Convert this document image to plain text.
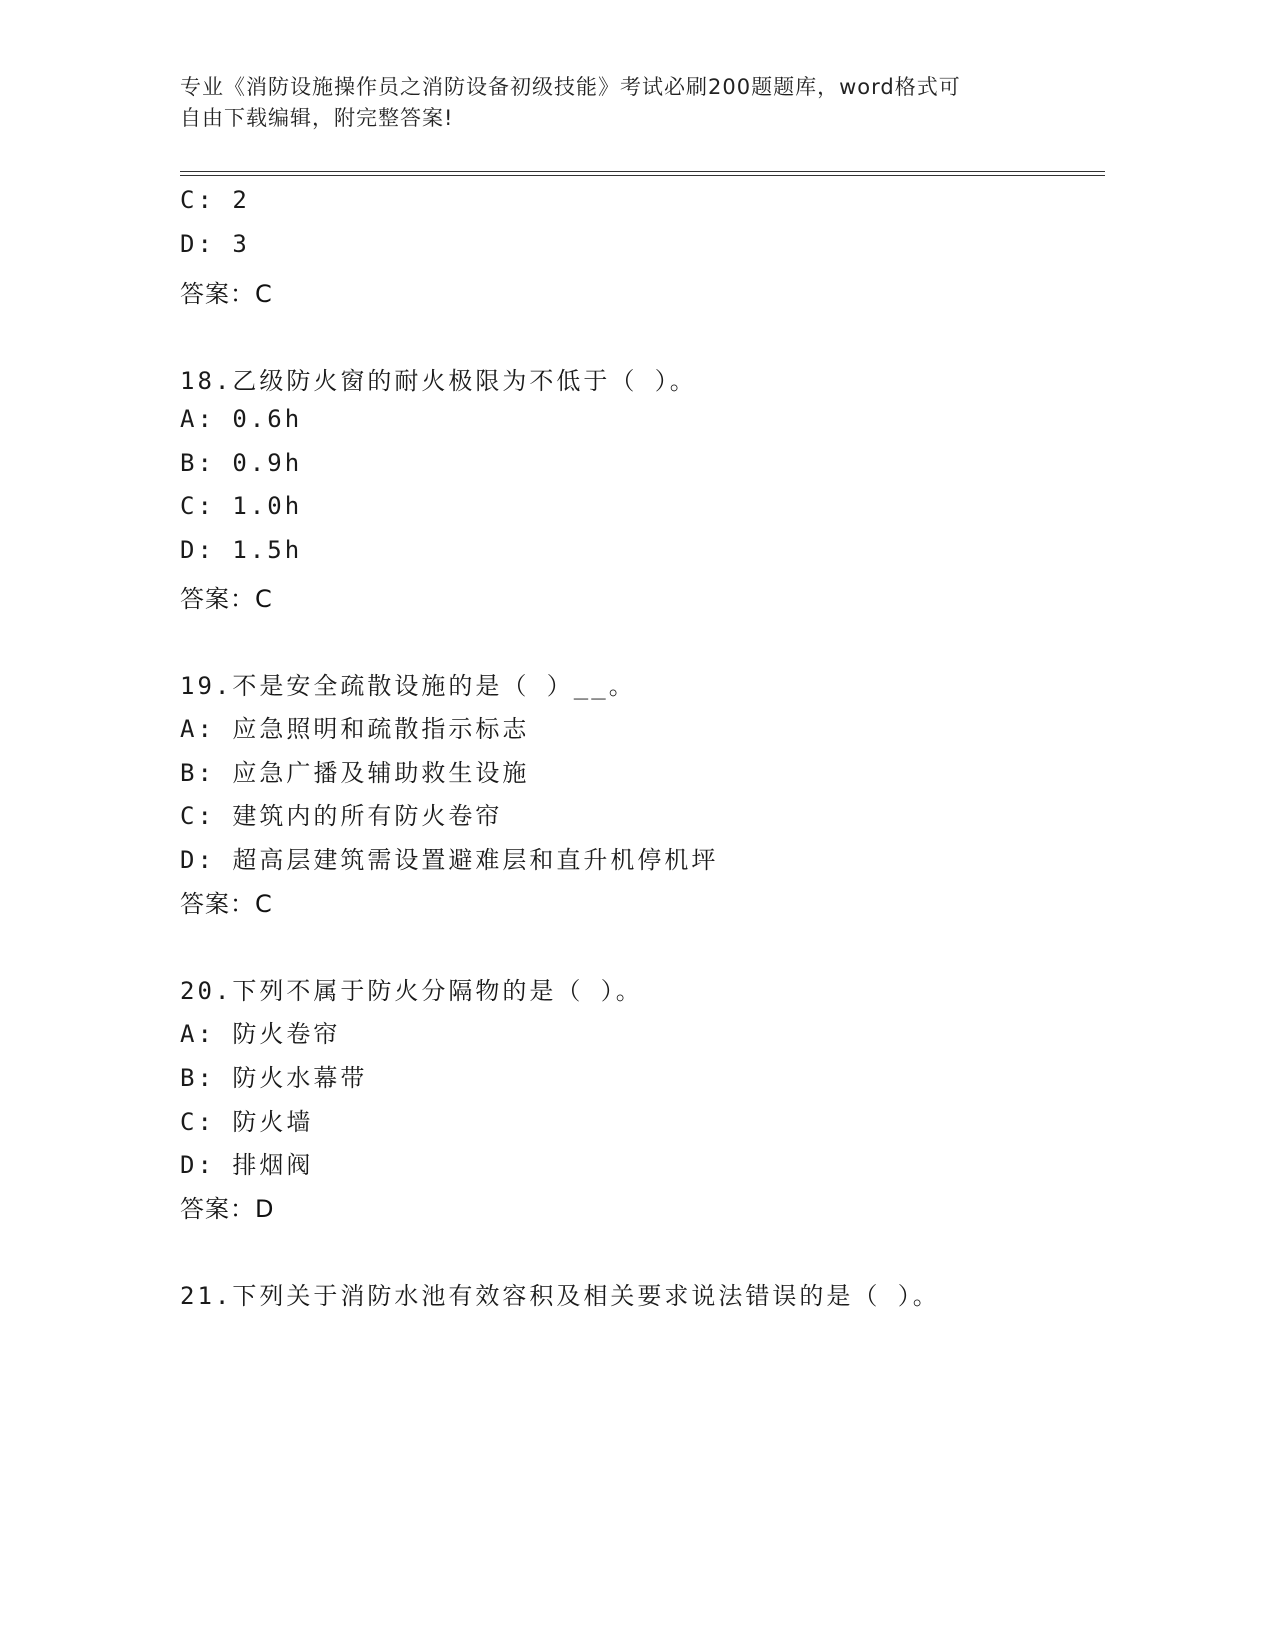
专业《消防设施操作员之消防设备初级技能》考试必刷200题题库，word格式可
自由下载编辑，附完整答案!
C: 2
D: 3
答案：C
18.乙级防火窗的耐火极限为不低于（ ）。
A: 0.6h
B: 0.9h
C: 1.0h
D: 1.5h
答案：C
19.不是安全疏散设施的是（ ）__。
A: 应急照明和疏散指示标志
B: 应急广播及辅助救生设施
C: 建筑内的所有防火卷帘
D: 超高层建筑需设置避难层和直升机停机坪
答案：C
20.下列不属于防火分隔物的是（ ）。
A: 防火卷帘
B: 防火水幕带
C: 防火墙
D: 排烟阀
答案：D
21.下列关于消防水池有效容积及相关要求说法错误的是（ ）。
